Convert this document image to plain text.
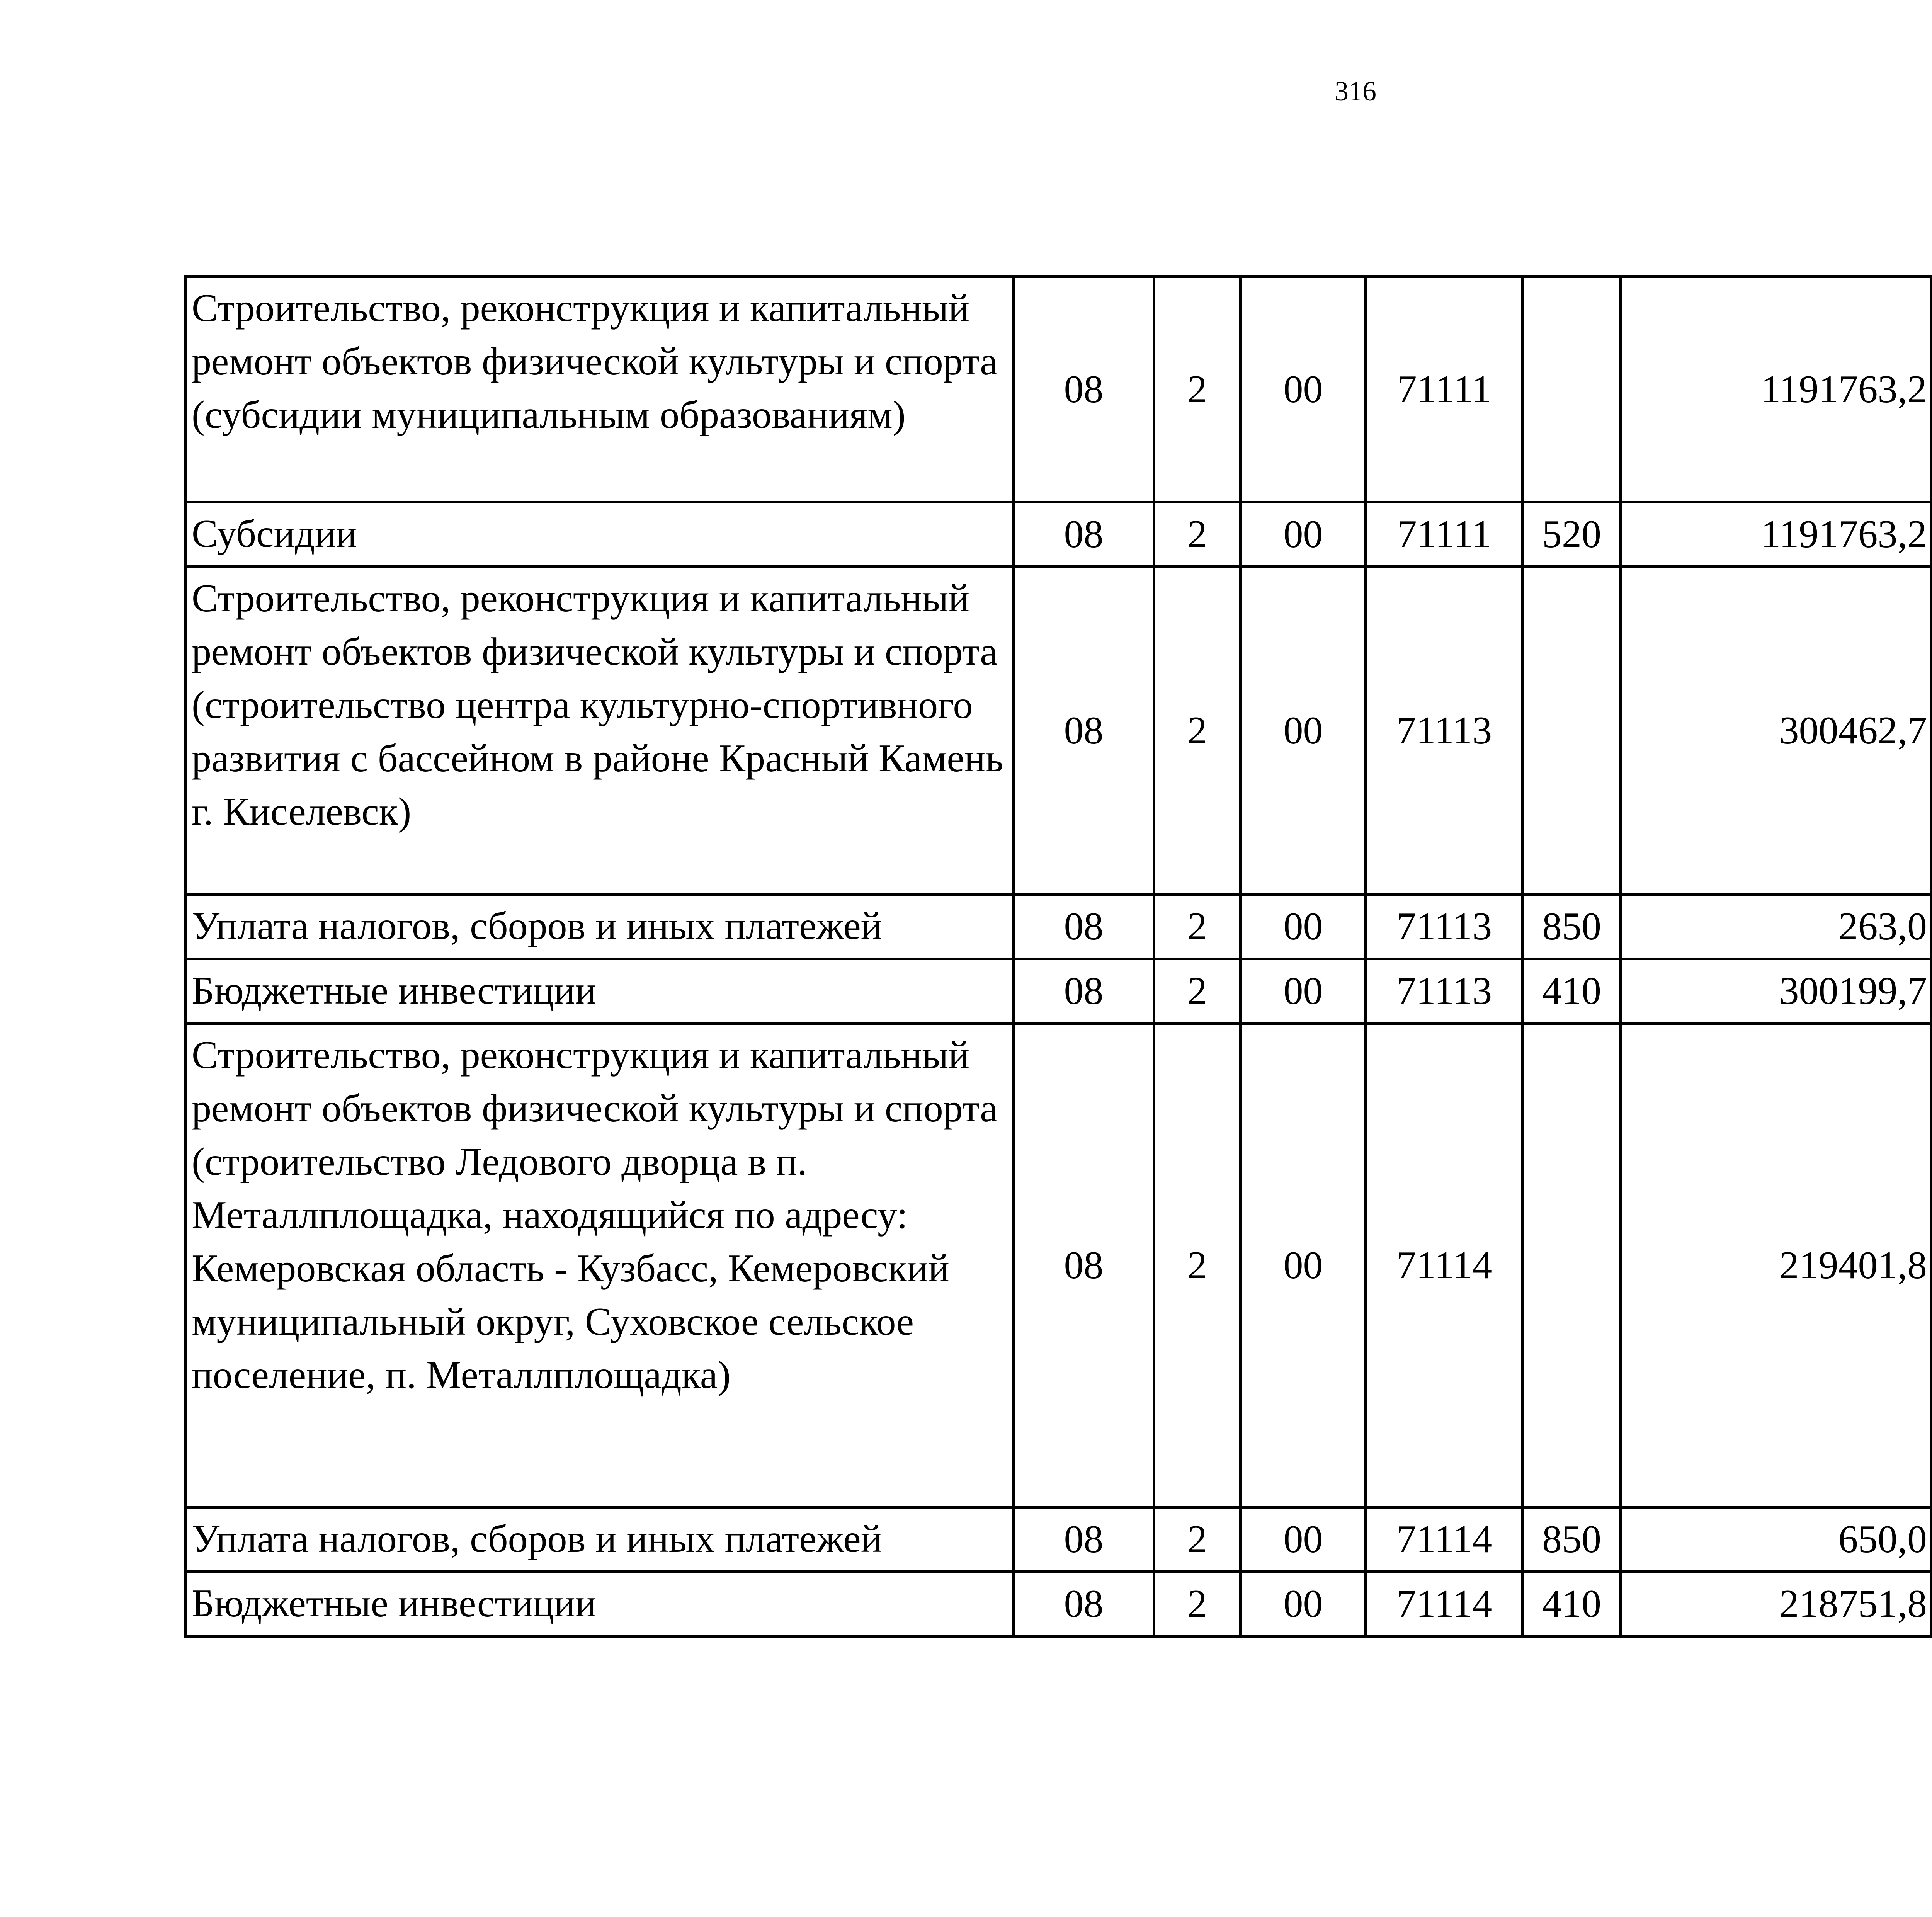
316
Строительство, реконструкция и капитальный ремонт объектов физической культуры и спорта (субсидии муниципальным образованиям)	08	2	00	71111		1191763,2		
Субсидии	08	2	00	71111	520	1191763,2		
Строительство, реконструкция и капитальный ремонт объектов физической культуры и спорта (строительство центра культурно-спортивного развития с бассейном в районе Красный Камень г. Киселевск)	08	2	00	71113		300462,7		
Уплата налогов, сборов и иных платежей	08	2	00	71113	850	263,0		
Бюджетные инвестиции	08	2	00	71113	410	300199,7		
Строительство, реконструкция и капитальный ремонт объектов физической культуры и спорта (строительство Ледового дворца в п. Металлплощадка, находящийся по адресу: Кемеровская область - Кузбасс, Кемеровский муниципальный округ, Суховское сельское поселение, п. Металлплощадка)	08	2	00	71114		219401,8		
Уплата налогов, сборов и иных платежей	08	2	00	71114	850	650,0		
Бюджетные инвестиции	08	2	00	71114	410	218751,8		
